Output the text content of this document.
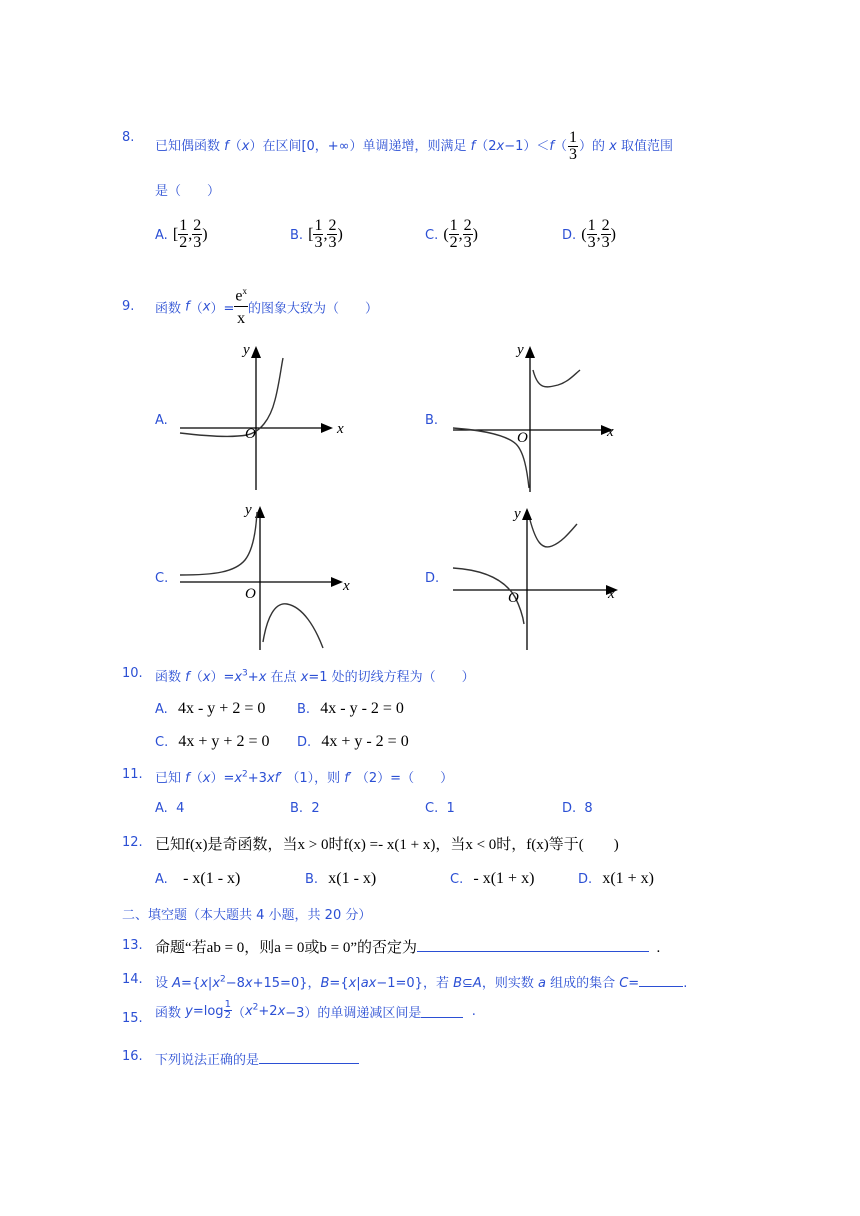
8.
已知偶函数 f（x）在区间[0，+∞）单调递增，则满足 $f(2x-1)<f( \frac{1}{3}$ ）的 x 取值范围
是（　　）
A. [ $\frac{1}{2}$ , $\frac{2}{3}$ )	B. [ $\frac{1}{3}$ , $\frac{2}{3}$ )	C. ( $\frac{1}{2}$ , $\frac{2}{3}$ )	D. ( $\frac{1}{3}$ , $\frac{2}{3}$ )
9. 函数 $f(x)= \frac{e^x}{x}$ 的图象大致为（　　）
A.
x
y
O
B.
x
y
O
C.	x
y
O
D.
x
y
O
10. 函数 $f(x)=x^3+x$ 在点 x=1 处的切线方程为（　　）
A. 4x - y + 2 = 0 B. 4x - y - 2 = 0
C. 4x + y + 2 = 0 D. 4x + y - 2 = 0
11. 已知 $f(x)=x^2+3xf'$ （1），则 f′ （2）=（　　）
A. 4	B. 2	C. 1	D. 8
12. 已知f(x)是奇函数，当x > 0时f(x) =- x(1 + x)，当x < 0时，f(x)等于(　　)
A. - x(1 - x)	B. x(1 - x)	C. - x(1 + x)	D. x(1 + x)
二、填空题（本大题共 4 小题，共 20 分）
13. 命题“若ab = 0，则a = 0或b = 0”的否定为	.
14. 设 $A=\{x|x^2-8x+15=0\}$，B={x|ax−1=0}，若 B⊆A，则实数 a 组成的集合 C=	.
15. 函数 $y=\log \frac{1}{2} (x^2+2x-3)$的单调递减区间是	.
16. 下列说法正确的是
